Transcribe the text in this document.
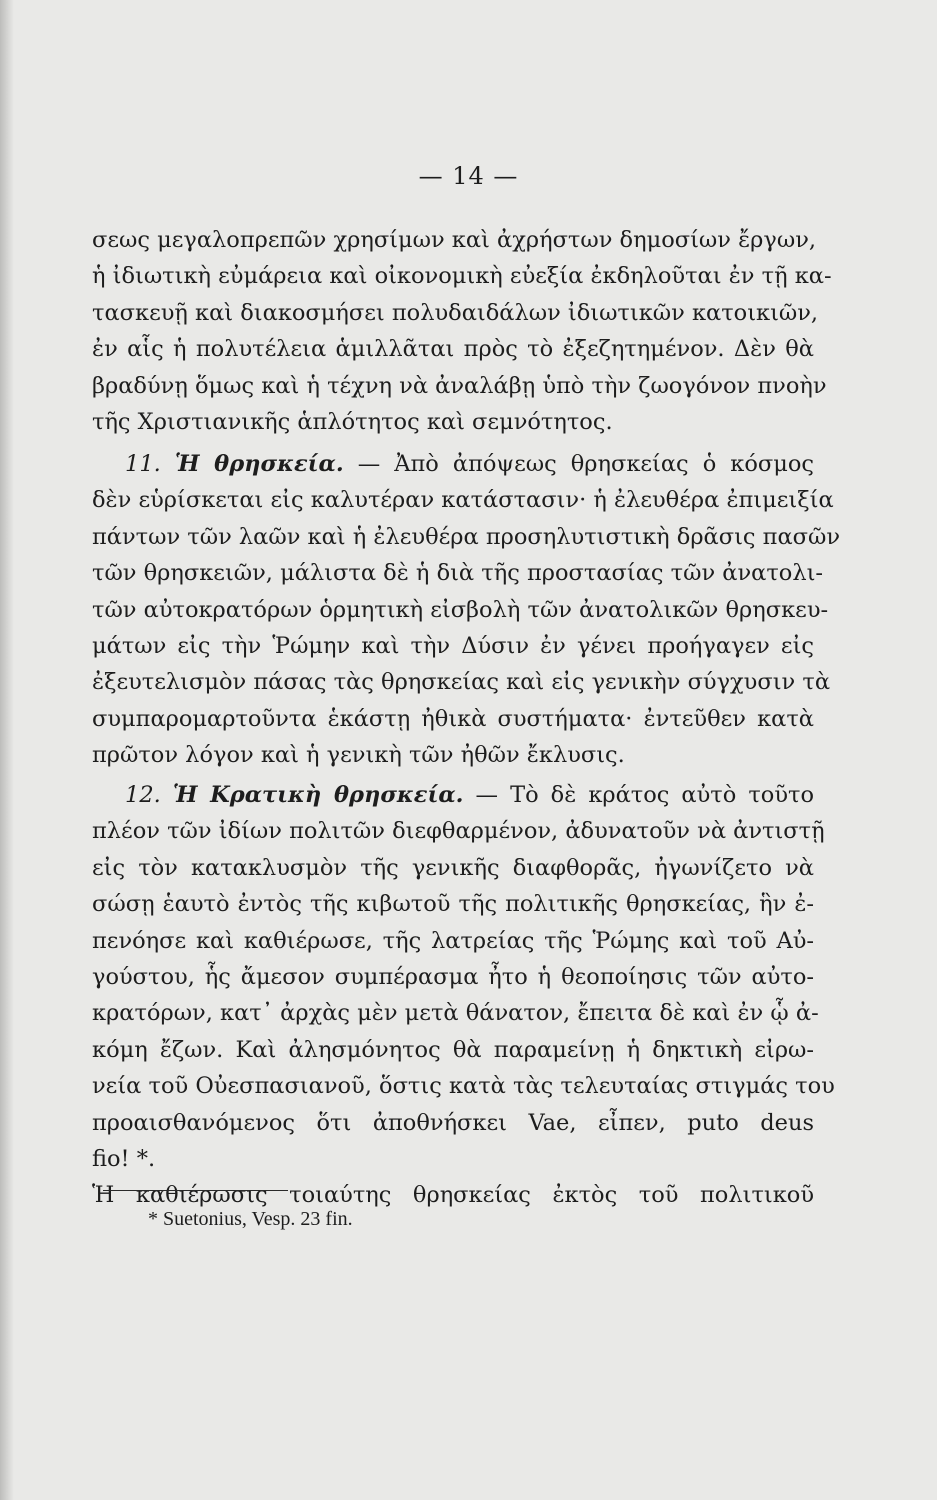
— 14 —
σεως μεγαλοπρεπῶν χρησίμων καὶ ἀχρήστων δημοσίων ἔργων,
ἡ ἰδιωτικὴ εὐμάρεια καὶ οἰκονομικὴ εὐεξία ἐκδηλοῦται ἐν τῇ κα-
τασκευῇ καὶ διακοσμήσει πολυδαιδάλων ἰδιωτικῶν κατοικιῶν,
ἐν αἷς ἡ πολυτέλεια ἁμιλλᾶται πρὸς τὸ ἐξεζητημένον. Δὲν θὰ
βραδύνῃ ὅμως καὶ ἡ τέχνη νὰ ἀναλάβῃ ὑπὸ τὴν ζωογόνον πνοὴν
τῆς Χριστιανικῆς ἁπλότητος καὶ σεμνότητος.
11. Ἡ θρησκεία. — Ἀπὸ ἀπόψεως θρησκείας ὁ κόσμος
δὲν εὑρίσκεται εἰς καλυτέραν κατάστασιν· ἡ ἐλευθέρα ἐπιμειξία
πάντων τῶν λαῶν καὶ ἡ ἐλευθέρα προσηλυτιστικὴ δρᾶσις πασῶν
τῶν θρησκειῶν, μάλιστα δὲ ἡ διὰ τῆς προστασίας τῶν ἀνατολι-
τῶν αὐτοκρατόρων ὁρμητικὴ εἰσβολὴ τῶν ἀνατολικῶν θρησκευ-
μάτων εἰς τὴν Ῥώμην καὶ τὴν Δύσιν ἐν γένει προήγαγεν εἰς
ἐξευτελισμὸν πάσας τὰς θρησκείας καὶ εἰς γενικὴν σύγχυσιν τὰ
συμπαρομαρτοῦντα ἑκάστῃ ἠθικὰ συστήματα· ἐντεῦθεν κατὰ
πρῶτον λόγον καὶ ἡ γενικὴ τῶν ἠθῶν ἔκλυσις.
12. Ἡ Κρατικὴ θρησκεία. — Τὸ δὲ κράτος αὐτὸ τοῦτο
πλέον τῶν ἰδίων πολιτῶν διεφθαρμένον, ἀδυνατοῦν νὰ ἀντιστῇ
εἰς τὸν κατακλυσμὸν τῆς γενικῆς διαφθορᾶς, ἠγωνίζετο νὰ
σώσῃ ἑαυτὸ ἐντὸς τῆς κιβωτοῦ τῆς πολιτικῆς θρησκείας, ἣν ἐ-
πενόησε καὶ καθιέρωσε, τῆς λατρείας τῆς Ῥώμης καὶ τοῦ Αὐ-
γούστου, ἧς ἄμεσον συμπέρασμα ἦτο ἡ θεοποίησις τῶν αὐτο-
κρατόρων, κατ᾽ ἀρχὰς μὲν μετὰ θάνατον, ἔπειτα δὲ καὶ ἐν ᾧ ἀ-
κόμη ἔζων. Καὶ ἀλησμόνητος θὰ παραμείνῃ ἡ δηκτικὴ εἰρω-
νεία τοῦ Οὐεσπασιανοῦ, ὅστις κατὰ τὰς τελευταίας στιγμάς του
προαισθανόμενος ὅτι ἀποθνήσκει Vae, εἶπεν, puto deus
fio! *.
Ἡ καθιέρωσις τοιαύτης θρησκείας ἐκτὸς τοῦ πολιτικοῦ
* Suetonius, Vesp. 23 fin.
